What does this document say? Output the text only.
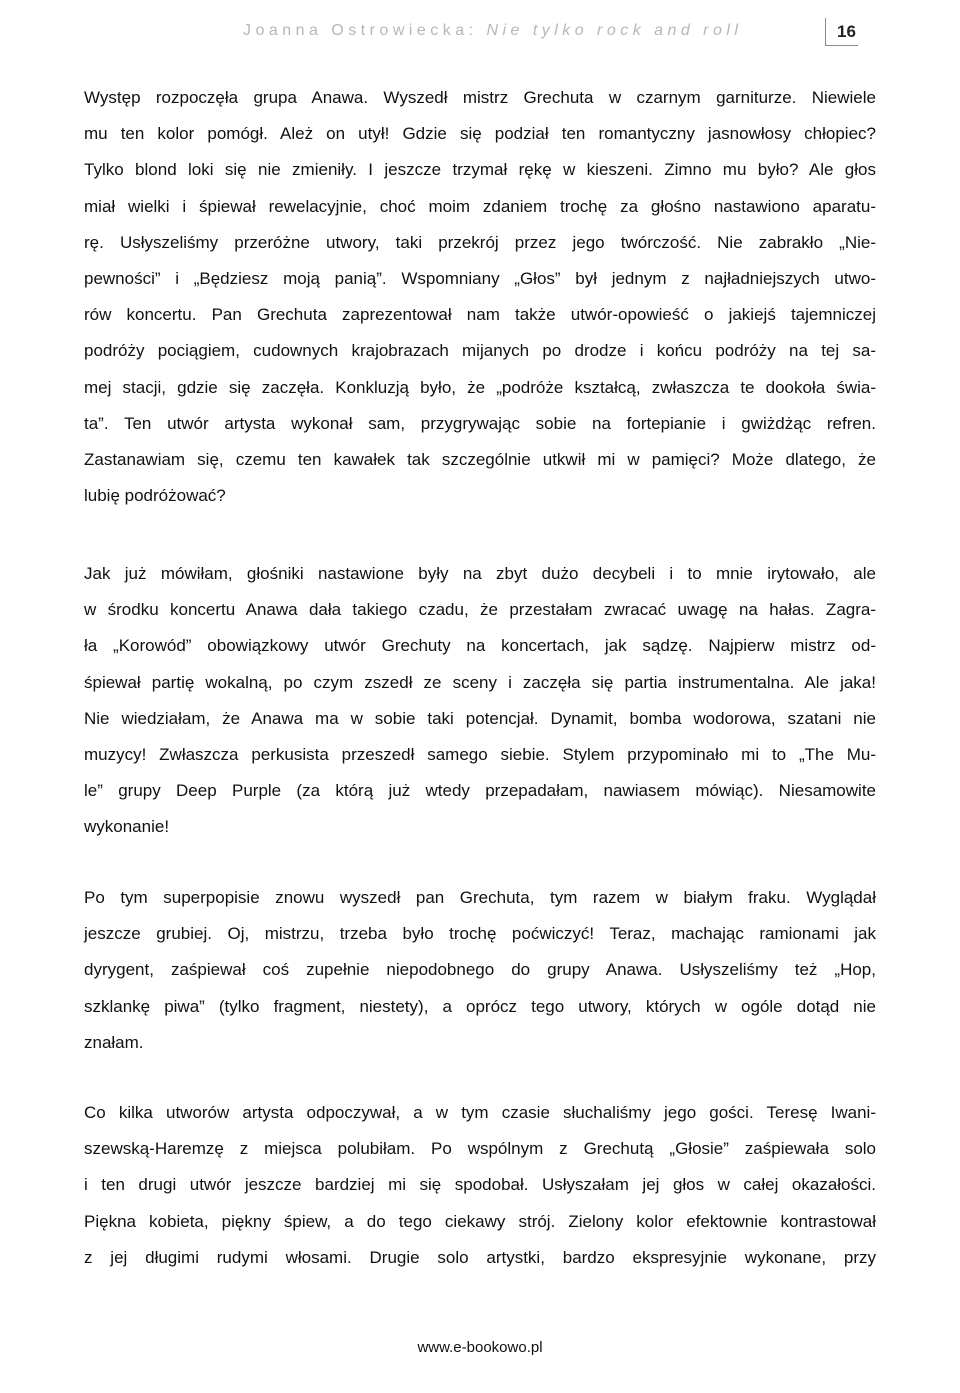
Joanna Ostrowiecka: Nie tylko rock and roll	16
Występ rozpoczęła grupa Anawa. Wyszedł mistrz Grechuta w czarnym garniturze. Niewiele
mu ten kolor pomógł. Ależ on utył! Gdzie się podział ten romantyczny jasnowłosy chłopiec?
Tylko blond loki się nie zmieniły. I jeszcze trzymał rękę w kieszeni. Zimno mu było? Ale głos
miał wielki i śpiewał rewelacyjnie, choć moim zdaniem trochę za głośno nastawiono aparatu-
rę. Usłyszeliśmy przeróżne utwory, taki przekrój przez jego twórczość. Nie zabrakło „Nie-
pewności” i „Będziesz moją panią”. Wspomniany „Głos” był jednym z najładniejszych utwo-
rów koncertu. Pan Grechuta zaprezentował nam także utwór-opowieść o jakiejś tajemniczej
podróży pociągiem, cudownych krajobrazach mijanych po drodze i końcu podróży na tej sa-
mej stacji, gdzie się zaczęła. Konkluzją było, że „podróże kształcą, zwłaszcza te dookoła świa-
ta”. Ten utwór artysta wykonał sam, przygrywając sobie na fortepianie i gwiżdżąc refren.
Zastanawiam się, czemu ten kawałek tak szczególnie utkwił mi w pamięci? Może dlatego, że
lubię podróżować?
Jak już mówiłam, głośniki nastawione były na zbyt dużo decybeli i to mnie irytowało, ale
w środku koncertu Anawa dała takiego czadu, że przestałam zwracać uwagę na hałas. Zagra-
ła „Korowód” obowiązkowy utwór Grechuty na koncertach, jak sądzę. Najpierw mistrz od-
śpiewał partię wokalną, po czym zszedł ze sceny i zaczęła się partia instrumentalna. Ale jaka!
Nie wiedziałam, że Anawa ma w sobie taki potencjał. Dynamit, bomba wodorowa, szatani nie
muzycy! Zwłaszcza perkusista przeszedł samego siebie. Stylem przypominało mi to „The Mu-
le” grupy Deep Purple (za którą już wtedy przepadałam, nawiasem mówiąc). Niesamowite
wykonanie!
Po tym superpopisie znowu wyszedł pan Grechuta, tym razem w białym fraku. Wyglądał
jeszcze grubiej. Oj, mistrzu, trzeba było trochę poćwiczyć! Teraz, machając ramionami jak
dyrygent, zaśpiewał coś zupełnie niepodobnego do grupy Anawa. Usłyszeliśmy też „Hop,
szklankę piwa” (tylko fragment, niestety), a oprócz tego utwory, których w ogóle dotąd nie
znałam.
Co kilka utworów artysta odpoczywał, a w tym czasie słuchaliśmy jego gości. Teresę Iwani-
szewską-Haremzę z miejsca polubiłam. Po wspólnym z Grechutą „Głosie” zaśpiewała solo
i ten drugi utwór jeszcze bardziej mi się spodobał. Usłyszałam jej głos w całej okazałości.
Piękna kobieta, piękny śpiew, a do tego ciekawy strój. Zielony kolor efektownie kontrastował
z jej długimi rudymi włosami. Drugie solo artystki, bardzo ekspresyjnie wykonane, przy
www.e-bookowo.pl
